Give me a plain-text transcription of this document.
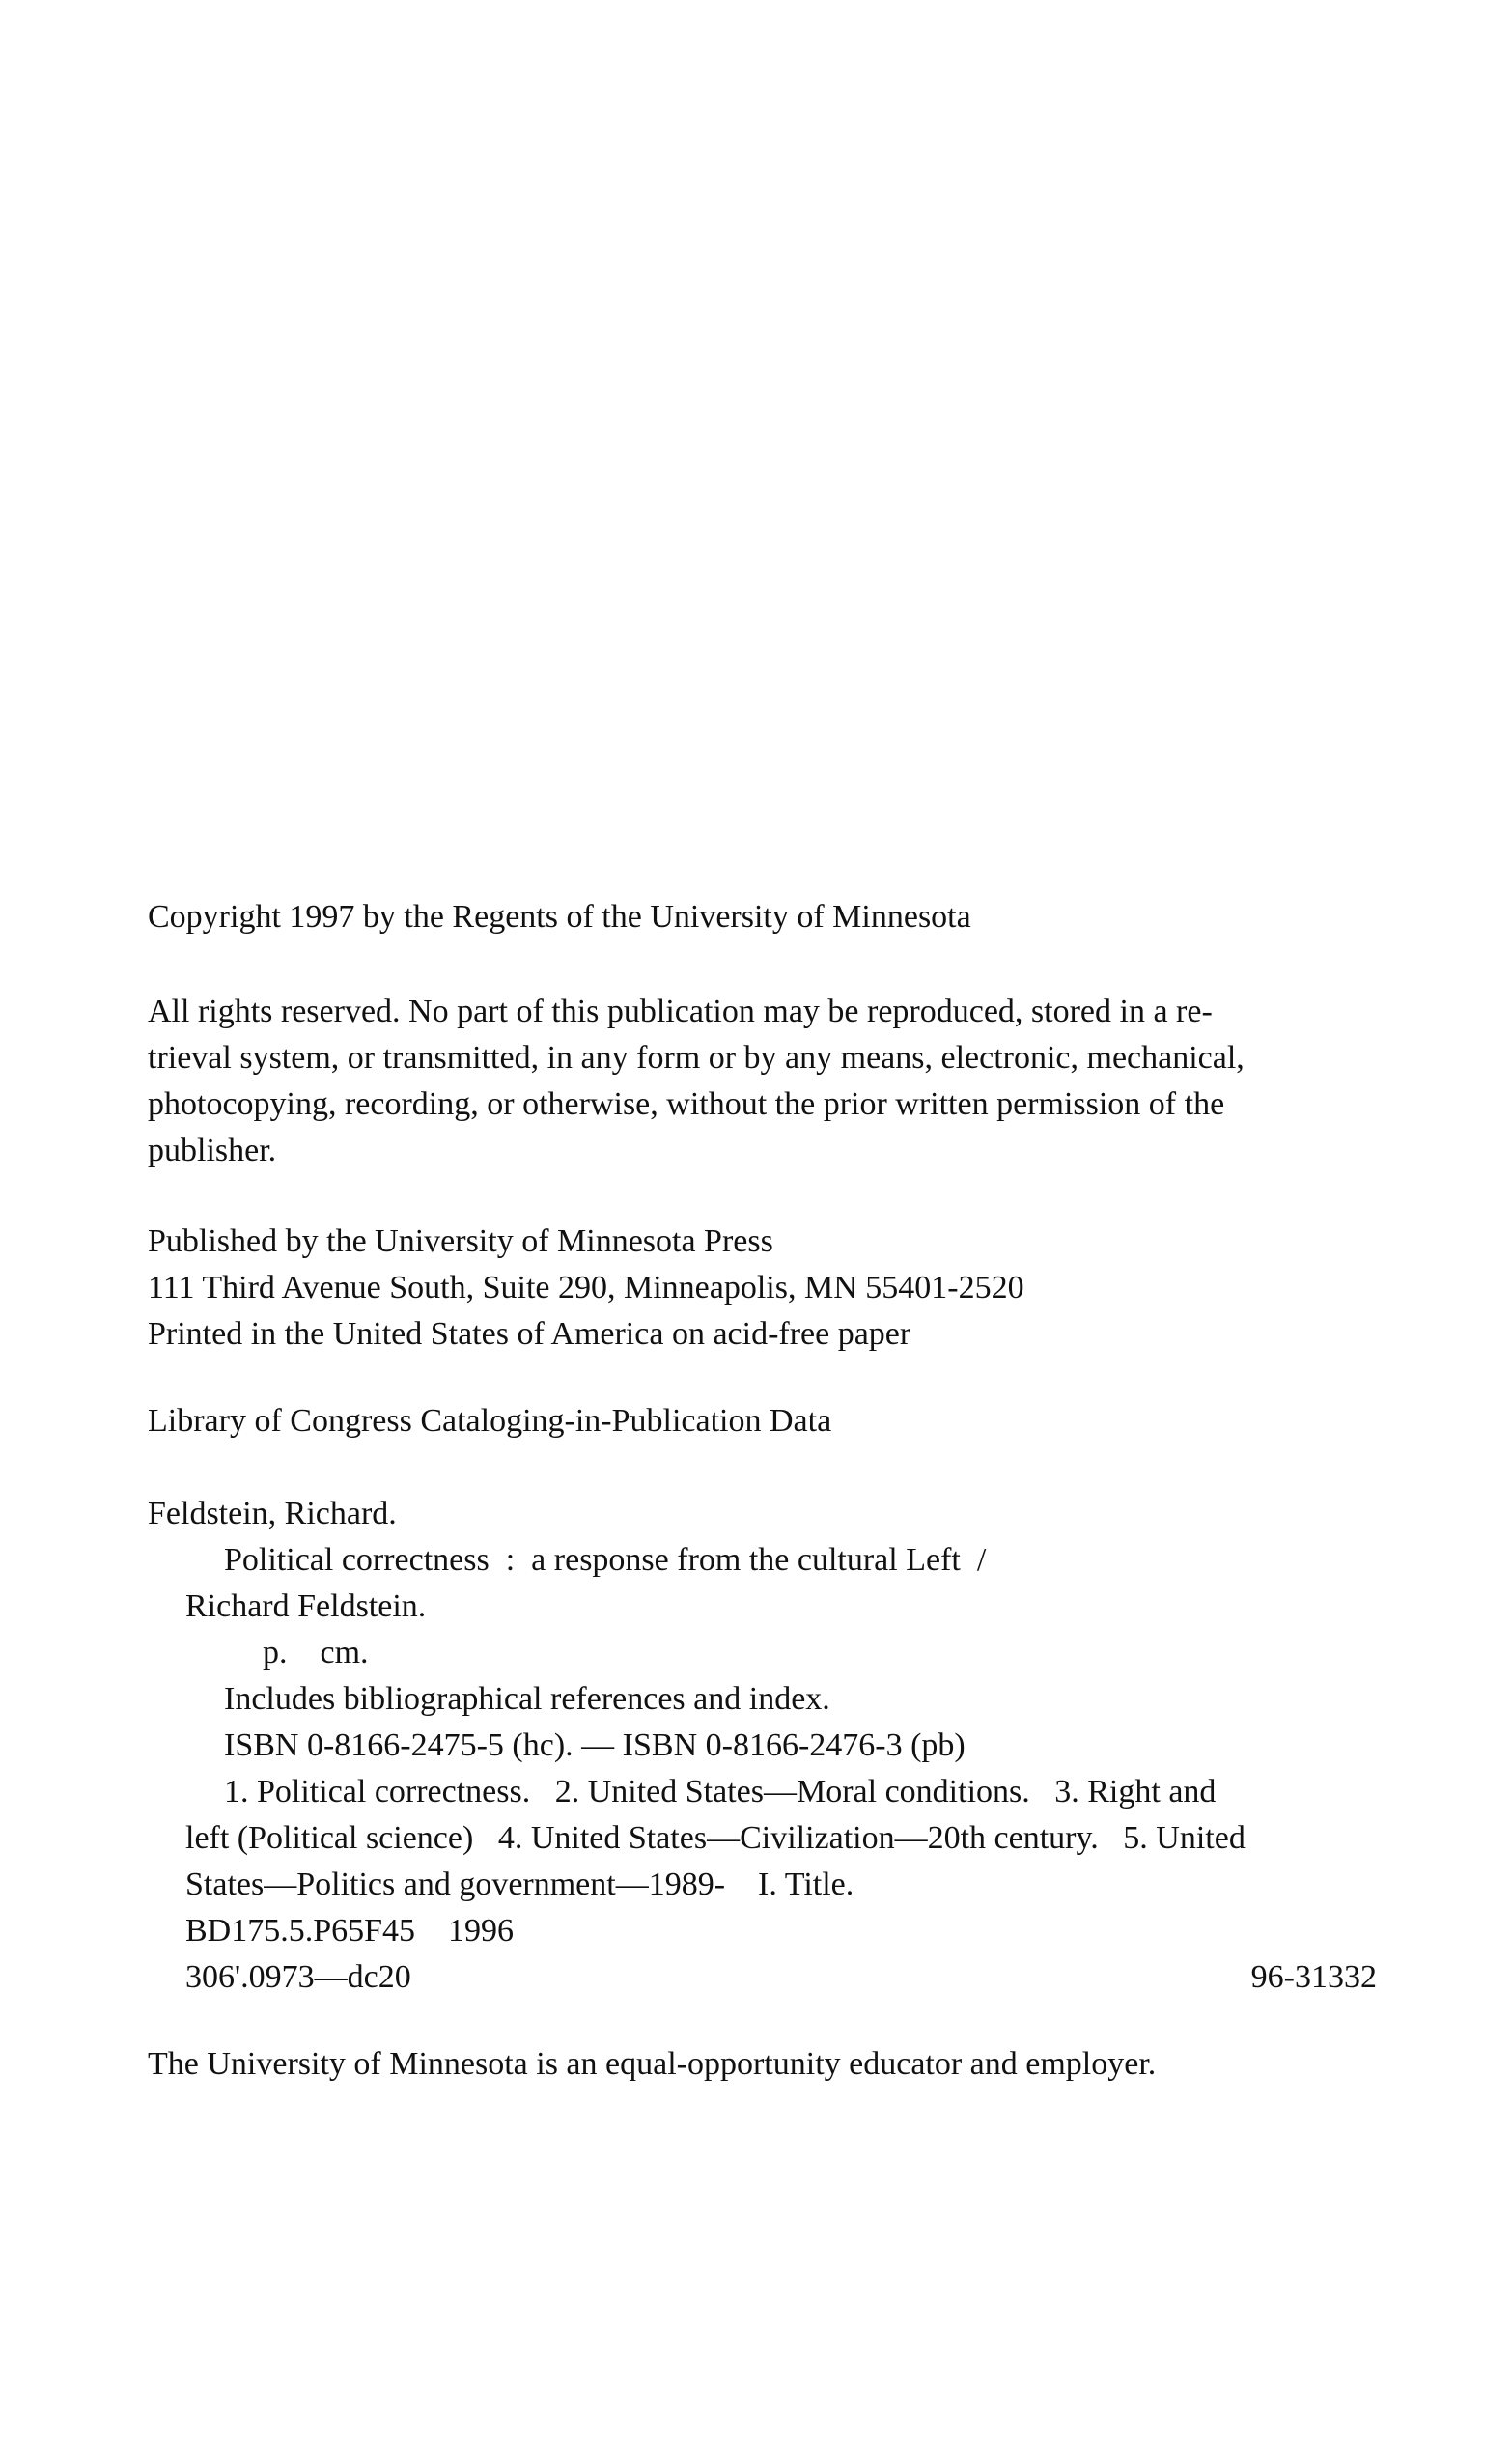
Copyright 1997 by the Regents of the University of Minnesota
All rights reserved. No part of this publication may be reproduced, stored in a re-
trieval system, or transmitted, in any form or by any means, electronic, mechanical,
photocopying, recording, or otherwise, without the prior written permission of the
publisher.
Published by the University of Minnesota Press
111 Third Avenue South, Suite 290, Minneapolis, MN 55401-2520
Printed in the United States of America on acid-free paper
Library of Congress Cataloging-in-Publication Data
Feldstein, Richard.
Political correctness  :  a response from the cultural Left  /
Richard Feldstein.
p.    cm.
Includes bibliographical references and index.
ISBN 0-8166-2475-5 (hc). — ISBN 0-8166-2476-3 (pb)
1. Political correctness.   2. United States—Moral conditions.   3. Right and
left (Political science)   4. United States—Civilization—20th century.   5. United
States—Politics and government—1989-    I. Title.
BD175.5.P65F45    1996
306'.0973—dc20	96-31332
The University of Minnesota is an equal-opportunity educator and employer.
